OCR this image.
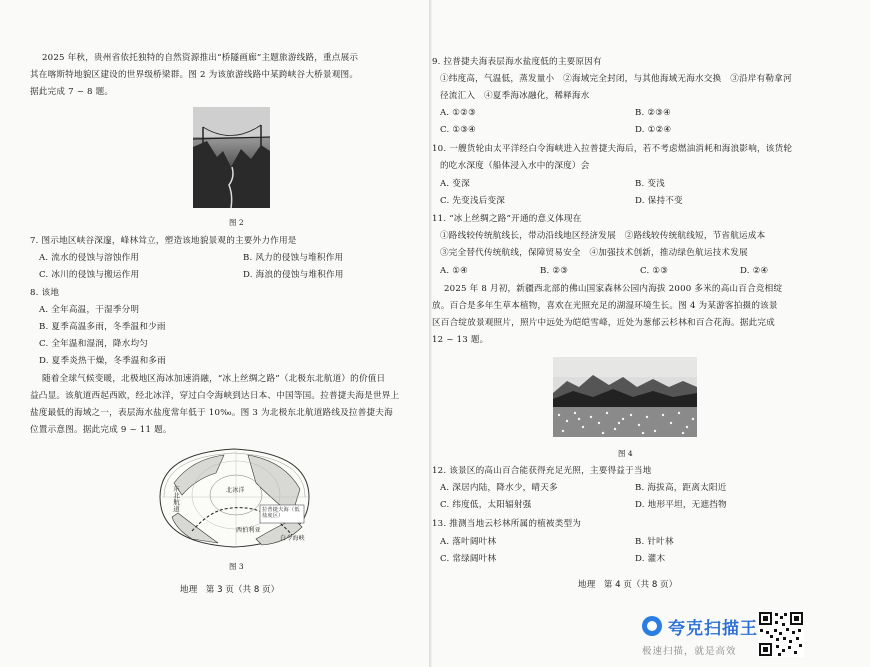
2025 年秋，贵州省依托独特的自然资源推出“桥隧画廊”主题旅游线路，重点展示
其在喀斯特地貌区建设的世界级桥梁群。图 2 为该旅游线路中某跨峡谷大桥景观图。
据此完成 7 ~ 8 题。
图 2
7. 图示地区峡谷深邃，峰林耸立，塑造该地貌景观的主要外力作用是
A. 流水的侵蚀与溶蚀作用	B. 风力的侵蚀与堆积作用
C. 冰川的侵蚀与搬运作用	D. 海浪的侵蚀与堆积作用
8. 该地
A. 全年高温，干湿季分明
B. 夏季高温多雨，冬季温和少雨
C. 全年温和湿润，降水均匀
D. 夏季炎热干燥，冬季温和多雨
随着全球气候变暖，北极地区海冰加速消融，“冰上丝绸之路”（北极东北航道）的价值日
益凸显。该航道西起西欧，经北冰洋，穿过白令海峡到达日本、中国等国。拉普捷夫海是世界上
盐度最低的海域之一，表层海水盐度常年低于 10‰。图 3 为北极东北航道路线及拉普捷夫海
位置示意图。据此完成 9 ~ 11 题。
东北航道	北冰洋
拉普捷夫海（低盐度区）
西伯利亚
白令海峡
图 3
地理　第 3 页（共 8 页）
9. 拉普捷夫海表层海水盐度低的主要原因有
①纬度高，气温低，蒸发量小　②海域完全封闭，与其他海域无海水交换　③沿岸有勒拿河
径流汇入　④夏季海冰融化，稀释海水
A. ①②③	B. ②③④
C. ①③④	D. ①②④
10. 一艘货轮由太平洋经白令海峡进入拉普捷夫海后，若不考虑燃油消耗和海浪影响，该货轮
的吃水深度（船体浸入水中的深度）会
A. 变深	B. 变浅
C. 先变浅后变深	D. 保持不变
11. “冰上丝绸之路”开通的意义体现在
①路线较传统航线长，带动沿线地区经济发展　②路线较传统航线短，节省航运成本
③完全替代传统航线，保障贸易安全　④加强技术创新，推动绿色航运技术发展
A. ①④	B. ②③	C. ①③	D. ②④
2025 年 8 月初，新疆西北部的佛山国家森林公园内海拔 2000 多米的高山百合竞相绽
放。百合是多年生草本植物，喜欢在光照充足的湖湿环境生长。图 4 为某游客拍摄的该景
区百合绽放景观照片，照片中远处为皑皑雪峰，近处为葱郁云杉林和百合花海。据此完成
12 ~ 13 题。
图 4
12. 该景区的高山百合能获得充足光照，主要得益于当地
A. 深居内陆，降水少，晴天多	B. 海拔高，距离太阳近
C. 纬度低，太阳辐射强	D. 地形平坦，无遮挡物
13. 推测当地云杉林所属的植被类型为
A. 落叶阔叶林	B. 针叶林
C. 常绿阔叶林	D. 灌木
地理　第 4 页（共 8 页）
夸克扫描王
极速扫描，就是高效
